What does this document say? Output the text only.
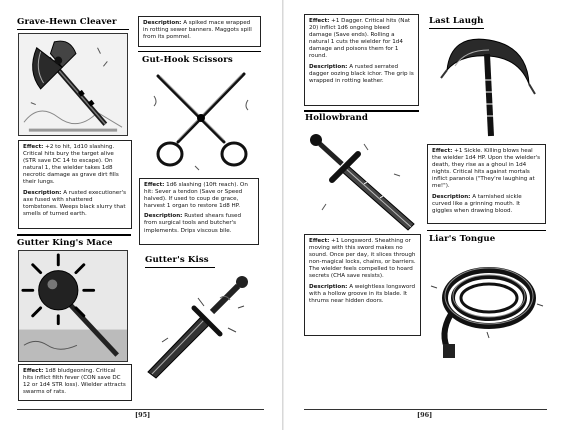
Grave-Hewn Cleaver

Effect: +2 to hit, 1d10 slashing. Critical hits bury the target alive (STR save DC 14 to escape). On natural 1, the wielder takes 1d8 necrotic damage as grave dirt fills their lungs.

Description: A rusted executioner's axe fused with shattered tombstones. Weeps black slurry that smells of turned earth.

Description: A spiked mace wrapped in rotting sewer banners. Maggots spill from its pommel.

Gut-Hook Scissors

Effect: 1d6 slashing (10ft reach). On hit: Sever a tendon (Save or Speed halved). If used to coup de grace, harvest 1 organ to restore 1d8 HP.

Description: Rusted shears fused from surgical tools and butcher's implements. Drips viscous bile.

Gutter King's Mace

Effect: 1d8 bludgeoning. Critical hits inflict filth fever (CON save DC 12 or 1d4 STR loss). Wielder attracts swarms of rats.

Gutter's Kiss
[95]

Effect: +1 Dagger. Critical hits (Nat 20) inflict 1d6 ongoing bleed damage (Save ends). Rolling a natural 1 cuts the wielder for 1d4 damage and poisons them for 1 round.

Description: A rusted serrated dagger oozing black ichor. The grip is wrapped in rotting leather.

Last Laugh

Effect: +1 Sickle. Killing blows heal the wielder 1d4 HP. Upon the wielder's death, they rise as a ghoul in 1d4 nights. Critical hits against mortals inflict paranoia ("They're laughing at me!").

Description: A tarnished sickle curved like a grinning mouth. It giggles when drawing blood.

Hollowbrand

Effect: +1 Longsword. Sheathing or moving with this sword makes no sound. Once per day, it slices through non-magical locks, chains, or barriers. The wielder feels compelled to hoard secrets (CHA save resists).

Description: A weightless longsword with a hollow groove in its blade. It thrums near hidden doors.

Liar's Tongue
[96]
